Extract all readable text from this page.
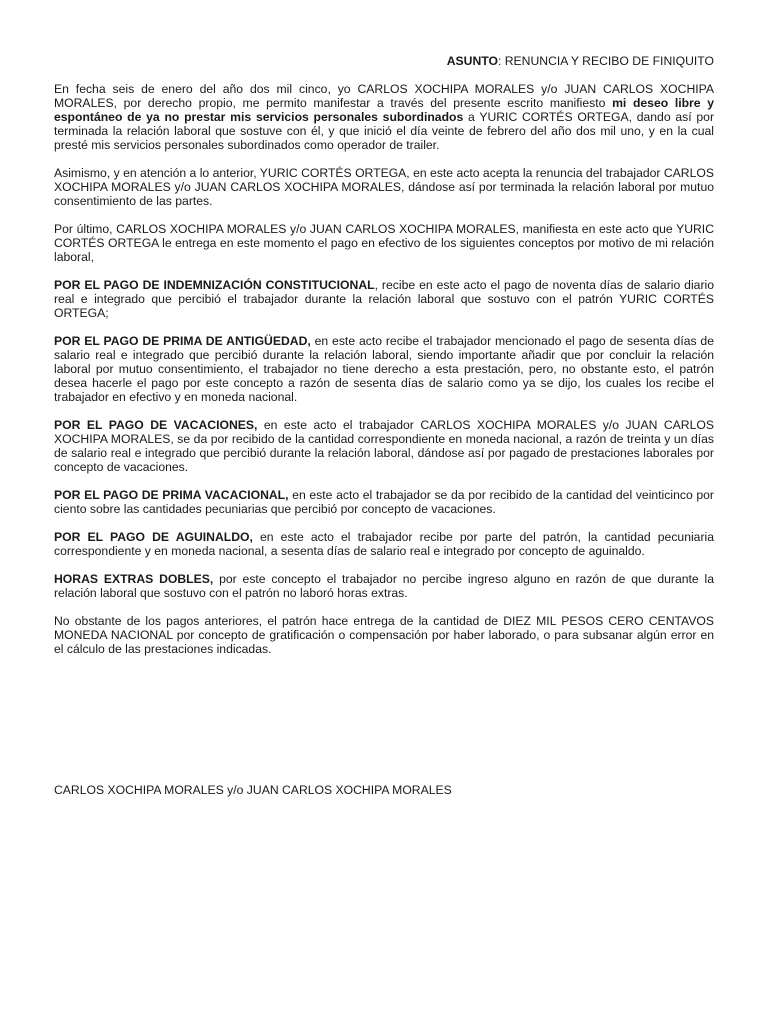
ASUNTO: RENUNCIA Y RECIBO DE FINIQUITO

En fecha seis de enero del año dos mil cinco, yo CARLOS XOCHIPA MORALES y/o JUAN CARLOS XOCHIPA MORALES, por derecho propio, me permito manifestar a través del presente escrito manifiesto mi deseo libre y espontáneo de ya no prestar mis servicios personales subordinados a YURIC CORTÉS ORTEGA, dando así por terminada la relación laboral que sostuve con él, y que inició el día veinte de febrero del año dos mil uno, y en la cual presté mis servicios personales subordinados como operador de trailer.

Asimismo, y en atención a lo anterior, YURIC CORTÉS ORTEGA, en este acto acepta la renuncia del trabajador CARLOS XOCHIPA MORALES y/o JUAN CARLOS XOCHIPA MORALES, dándose así por terminada la relación laboral por mutuo consentimiento de las partes.

Por último, CARLOS XOCHIPA MORALES y/o JUAN CARLOS XOCHIPA MORALES, manifiesta en este acto que YURIC CORTÉS ORTEGA le entrega en este momento el pago en efectivo de los siguientes conceptos por motivo de mi relación laboral,

POR EL PAGO DE INDEMNIZACIÓN CONSTITUCIONAL, recibe en este acto el pago de noventa días de salario diario real e integrado que percibió el trabajador durante la relación laboral que sostuvo con el patrón YURIC CORTÉS ORTEGA;

POR EL PAGO DE PRIMA DE ANTIGÜEDAD, en este acto recibe el trabajador mencionado el pago de sesenta días de salario real e integrado que percibió durante la relación laboral, siendo importante añadir que por concluir la relación laboral por mutuo consentimiento, el trabajador no tiene derecho a esta prestación, pero, no obstante esto, el patrón desea hacerle el pago por este concepto a razón de sesenta días de salario como ya se dijo, los cuales los recibe el trabajador en efectivo y en moneda nacional.

POR EL PAGO DE VACACIONES, en este acto el trabajador CARLOS XOCHIPA MORALES y/o JUAN CARLOS XOCHIPA MORALES, se da por recibido de la cantidad correspondiente en moneda nacional, a razón de treinta y un días de salario real e integrado que percibió durante la relación laboral, dándose así por pagado de prestaciones laborales por concepto de vacaciones.

POR EL PAGO DE PRIMA VACACIONAL, en este acto el trabajador se da por recibido de la cantidad del veinticinco por ciento sobre las cantidades pecuniarias que percibió por concepto de vacaciones.

POR EL PAGO DE AGUINALDO, en este acto el trabajador recibe por parte del patrón, la cantidad pecuniaria correspondiente y en moneda nacional, a sesenta días de salario real e integrado por concepto de aguinaldo.

HORAS EXTRAS DOBLES, por este concepto el trabajador no percibe ingreso alguno en razón de que durante la relación laboral que sostuvo con el patrón no laboró horas extras.

No obstante de los pagos anteriores, el patrón hace entrega de la cantidad de DIEZ MIL PESOS CERO CENTAVOS MONEDA NACIONAL por concepto de gratificación o compensación por haber laborado, o para subsanar algún error en el cálculo de las prestaciones indicadas.

CARLOS XOCHIPA MORALES y/o JUAN CARLOS XOCHIPA MORALES
